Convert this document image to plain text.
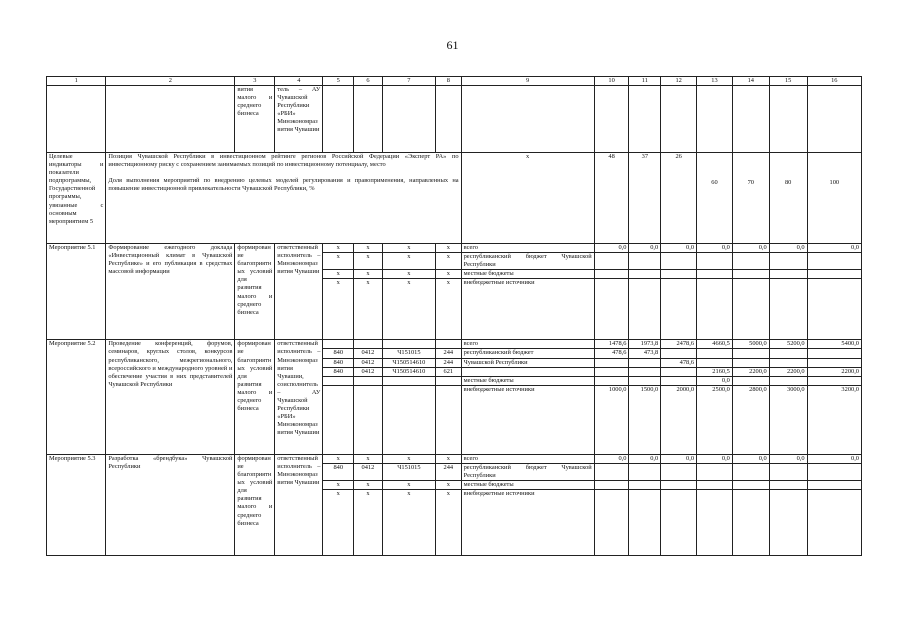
61
1	2	3	4	5	6	7	8	9	10	11	12	13	14	15	16
		вития малого и среднего бизнеса	тель – АУ Чувашской Республики «РБИ» Минэкономразвития Чувашии												
Целевые индикаторы и показатели подпрограммы, Государственной программы, увязанные с основным мероприятием 5	Позиция Чувашской Республики в инвестиционном рейтинге регионов Российской Федерации «Эксперт РА» по инвестиционному риску с сохранением занимаемых позиций по инвестиционному потенциалу, место							x	48	37	26				
	Доля выполнения мероприятий по внедрению целевых моделей регулирования и правоприменения, направленных на повышение инвестиционной привлекательности Чувашской Республики, %											60	70	80	100
Мероприятие 5.1	Формирование ежегодного доклада «Инвестиционный климат в Чувашской Республике» и его публикация в средствах массовой информации	формирование благоприятных условий для развития малого и среднего бизнеса	ответственный исполнитель – Минэкономразвития Чувашии	x	x	x	x	всего	0,0	0,0	0,0	0,0	0,0	0,0	0,0
				x	x	x	x	республиканский бюджет Чувашской Республики							
				x	x	x	x	местные бюджеты							
				x	x	x	x	внебюджетные источники							
Мероприятие 5.2	Проведение конференций, форумов, семинаров, круглых столов, конкурсов республиканского, межрегионального, всероссийского и международного уровней и обеспечение участия в них представителей Чувашской Республики	формирование благоприятных условий для развития малого и среднего бизнеса	ответственный исполнитель – Минэкономразвития Чувашии, соисполнитель – АУ Чувашской Республики «РБИ» Минэкономразвития Чувашии					всего	1478,6	1973,8	2478,6	4660,5	5000,0	5200,0	5400,0
				840	0412	Ч151015	244	республиканский бюджет	478,6	473,8					
				840	0412	Ч150514610	244	Чувашской Республики			478,6				
				840	0412	Ч150514610	621					2160,5	2200,0	2200,0	2200,0
								местные бюджеты				0,0			
								внебюджетные источники	1000,0	1500,0	2000,0	2500,0	2800,0	3000,0	3200,0
Мероприятие 5.3	Разработка «брендбука» Чувашской Республики	формирование благоприятных условий для развития малого и среднего бизнеса	ответственный исполнитель – Минэкономразвития Чувашии	x	x	x	x	всего	0,0	0,0	0,0	0,0	0,0	0,0	0,0
				840	0412	Ч151015	244	республиканский бюджет Чувашской Республики							
				x	x	x	x	местные бюджеты							
				x	x	x	x	внебюджетные источники							
